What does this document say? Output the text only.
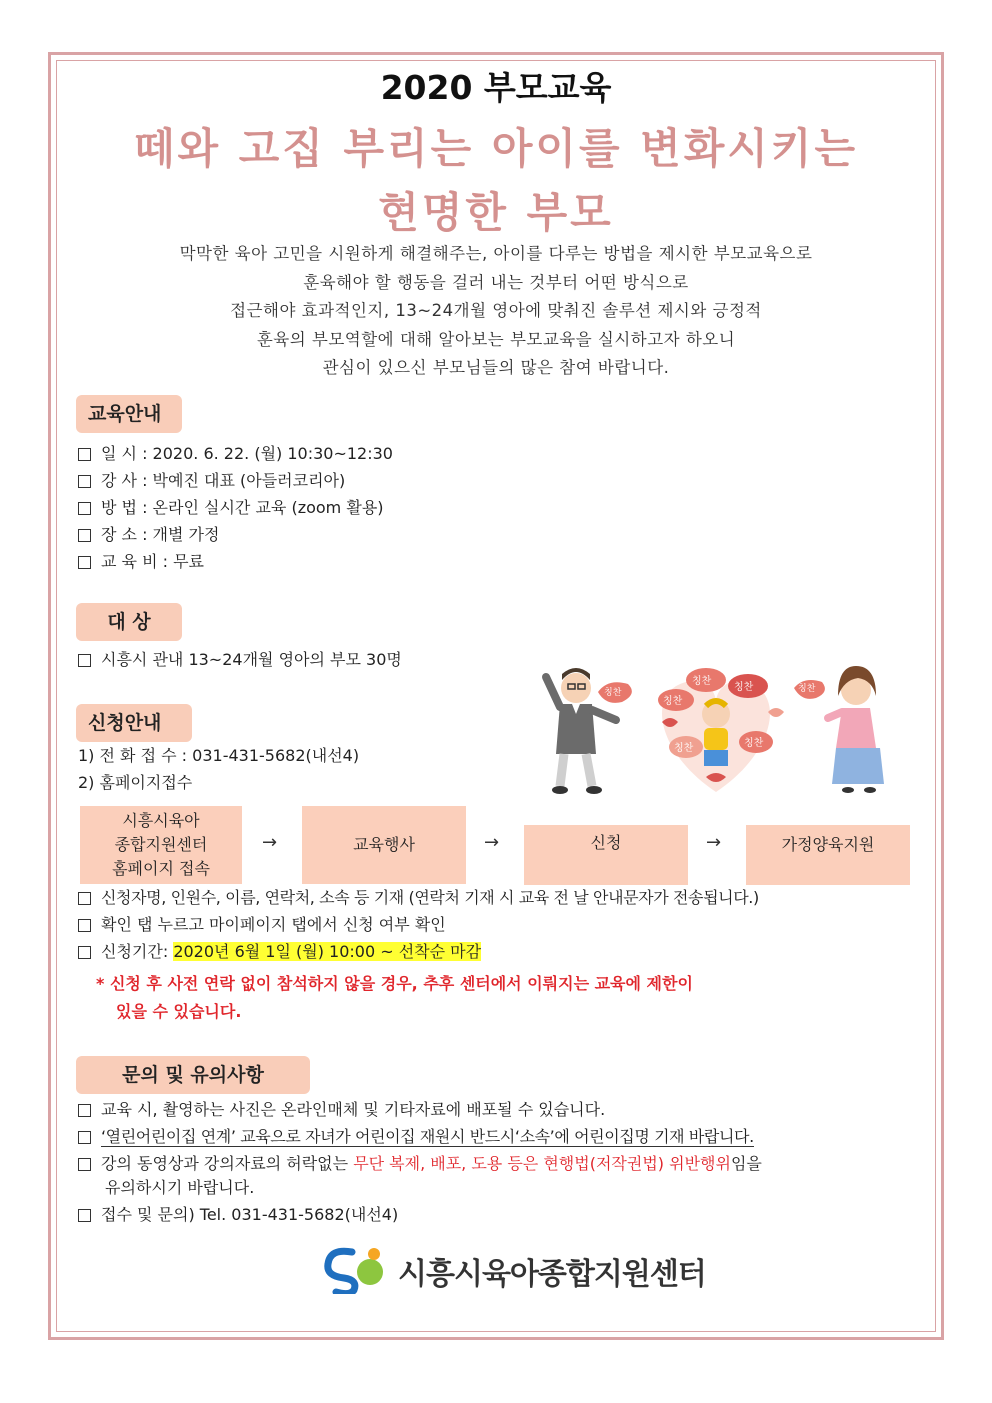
2020 부모교육
떼와 고집 부리는 아이를 변화시키는
현명한 부모
막막한 육아 고민을 시원하게 해결해주는, 아이를 다루는 방법을 제시한 부모교육으로
훈육해야 할 행동을 걸러 내는 것부터 어떤 방식으로
접근해야 효과적인지, 13~24개월 영아에 맞춰진 솔루션 제시와 긍정적
훈육의 부모역할에 대해 알아보는 부모교육을 실시하고자 하오니
관심이 있으신 부모님들의 많은 참여 바랍니다.
교육안내
일 시 : 2020. 6. 22. (월) 10:30~12:30
강 사 : 박예진 대표 (아들러코리아)
방 법 : 온라인 실시간 교육 (zoom 활용)
장 소 : 개별 가정
교 육 비 : 무료
대 상
시흥시 관내 13~24개월 영아의 부모 30명
칭찬
칭찬
칭찬
칭찬
칭찬	칭찬
칭찬
신청안내
1) 전 화 접 수 : 031-431-5682(내선4)
2) 홈페이지접수
시흥시육아
종합지원센터
홈페이지 접속
→	교육행사	→	신청	→	가정양육지원
신청자명, 인원수, 이름, 연락처, 소속 등 기재 (연락처 기재 시 교육 전 날 안내문자가 전송됩니다.)
확인 탭 누르고 마이페이지 탭에서 신청 여부 확인
신청기간: 2020년 6월 1일 (월) 10:00 ~ 선착순 마감
* 신청 후 사전 연락 없이 참석하지 않을 경우, 추후 센터에서 이뤄지는 교육에 제한이
있을 수 있습니다.
문의 및 유의사항
교육 시, 촬영하는 사진은 온라인매체 및 기타자료에 배포될 수 있습니다.
‘열린어린이집 연계’ 교육으로 자녀가 어린이집 재원시 반드시‘소속’에 어린이집명 기재 바랍니다.
강의 동영상과 강의자료의 허락없는 무단 복제, 배포, 도용 등은 현행법(저작권법) 위반행위임을
유의하시기 바랍니다.
접수 및 문의) Tel. 031-431-5682(내선4)
시흥시육아종합지원센터
